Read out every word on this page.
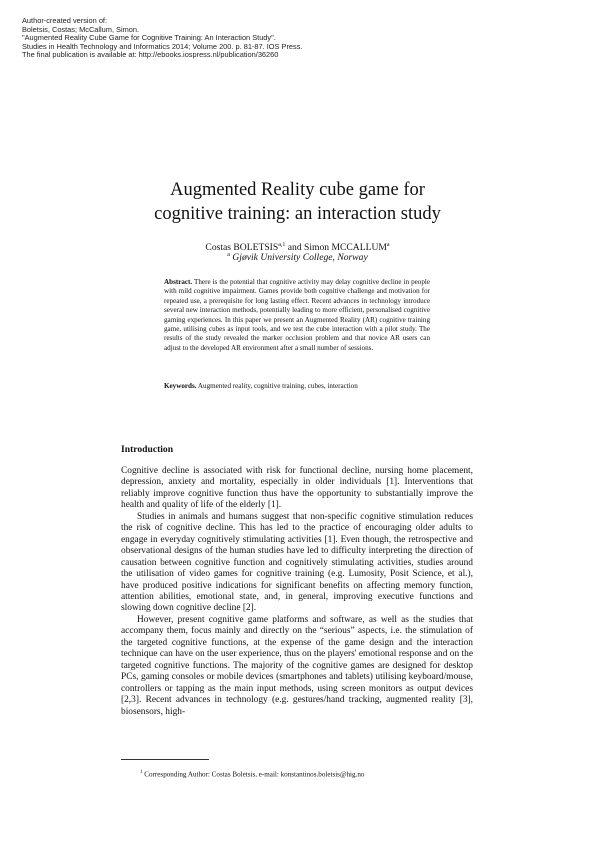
Author-created version of:
Boletsis, Costas; McCallum, Simon.
"Augmented Reality Cube Game for Cognitive Training: An Interaction Study".
Studies in Health Technology and Informatics 2014; Volume 200. p. 81-87. IOS Press.
The final publication is available at: http://ebooks.iospress.nl/publication/36260
Augmented Reality cube game for
cognitive training: an interaction study
Costas BOLETSIS$^{a,1}$ and Simon MCCALLUM$^a$
$^a$ Gjøvik University College, Norway
Abstract. There is the potential that cognitive activity may delay cognitive decline in people with mild cognitive impairment. Games provide both cognitive challenge and motivation for repeated use, a prerequisite for long lasting effect. Recent advances in technology introduce several new interaction methods, potentially leading to more efficient, personalised cognitive gaming experiences. In this paper we present an Augmented Reality (AR) cognitive training game, utilising cubes as input tools, and we test the cube interaction with a pilot study. The results of the study revealed the marker occlusion problem and that novice AR users can adjust to the developed AR environment after a small number of sessions.
Keywords. Augmented reality, cognitive training, cubes, interaction
Introduction

Cognitive decline is associated with risk for functional decline, nursing home placement, depression, anxiety and mortality, especially in older individuals [1]. Interventions that reliably improve cognitive function thus have the opportunity to substantially improve the health and quality of life of the elderly [1].

Studies in animals and humans suggest that non-specific cognitive stimulation reduces the risk of cognitive decline. This has led to the practice of encouraging older adults to engage in everyday cognitively stimulating activities [1]. Even though, the retrospective and observational designs of the human studies have led to difficulty interpreting the direction of causation between cognitive function and cognitively stimulating activities, studies around the utilisation of video games for cognitive training (e.g. Lumosity, Posit Science, et al.), have produced positive indications for significant benefits on affecting memory function, attention abilities, emotional state, and, in general, improving executive functions and slowing down cognitive decline [2].

However, present cognitive game platforms and software, as well as the studies that accompany them, focus mainly and directly on the “serious” aspects, i.e. the stimulation of the targeted cognitive functions, at the expense of the game design and the interaction technique can have on the user experience, thus on the players' emotional response and on the targeted cognitive functions. The majority of the cognitive games are designed for desktop PCs, gaming consoles or mobile devices (smartphones and tablets) utilising keyboard/mouse, controllers or tapping as the main input methods, using screen monitors as output devices [2,3]. Recent advances in technology (e.g. gestures/hand tracking, augmented reality [3], biosensors, high-

$^1$ Corresponding Author: Costas Boletsis, e-mail: konstantinos.boletsis@hig.no
